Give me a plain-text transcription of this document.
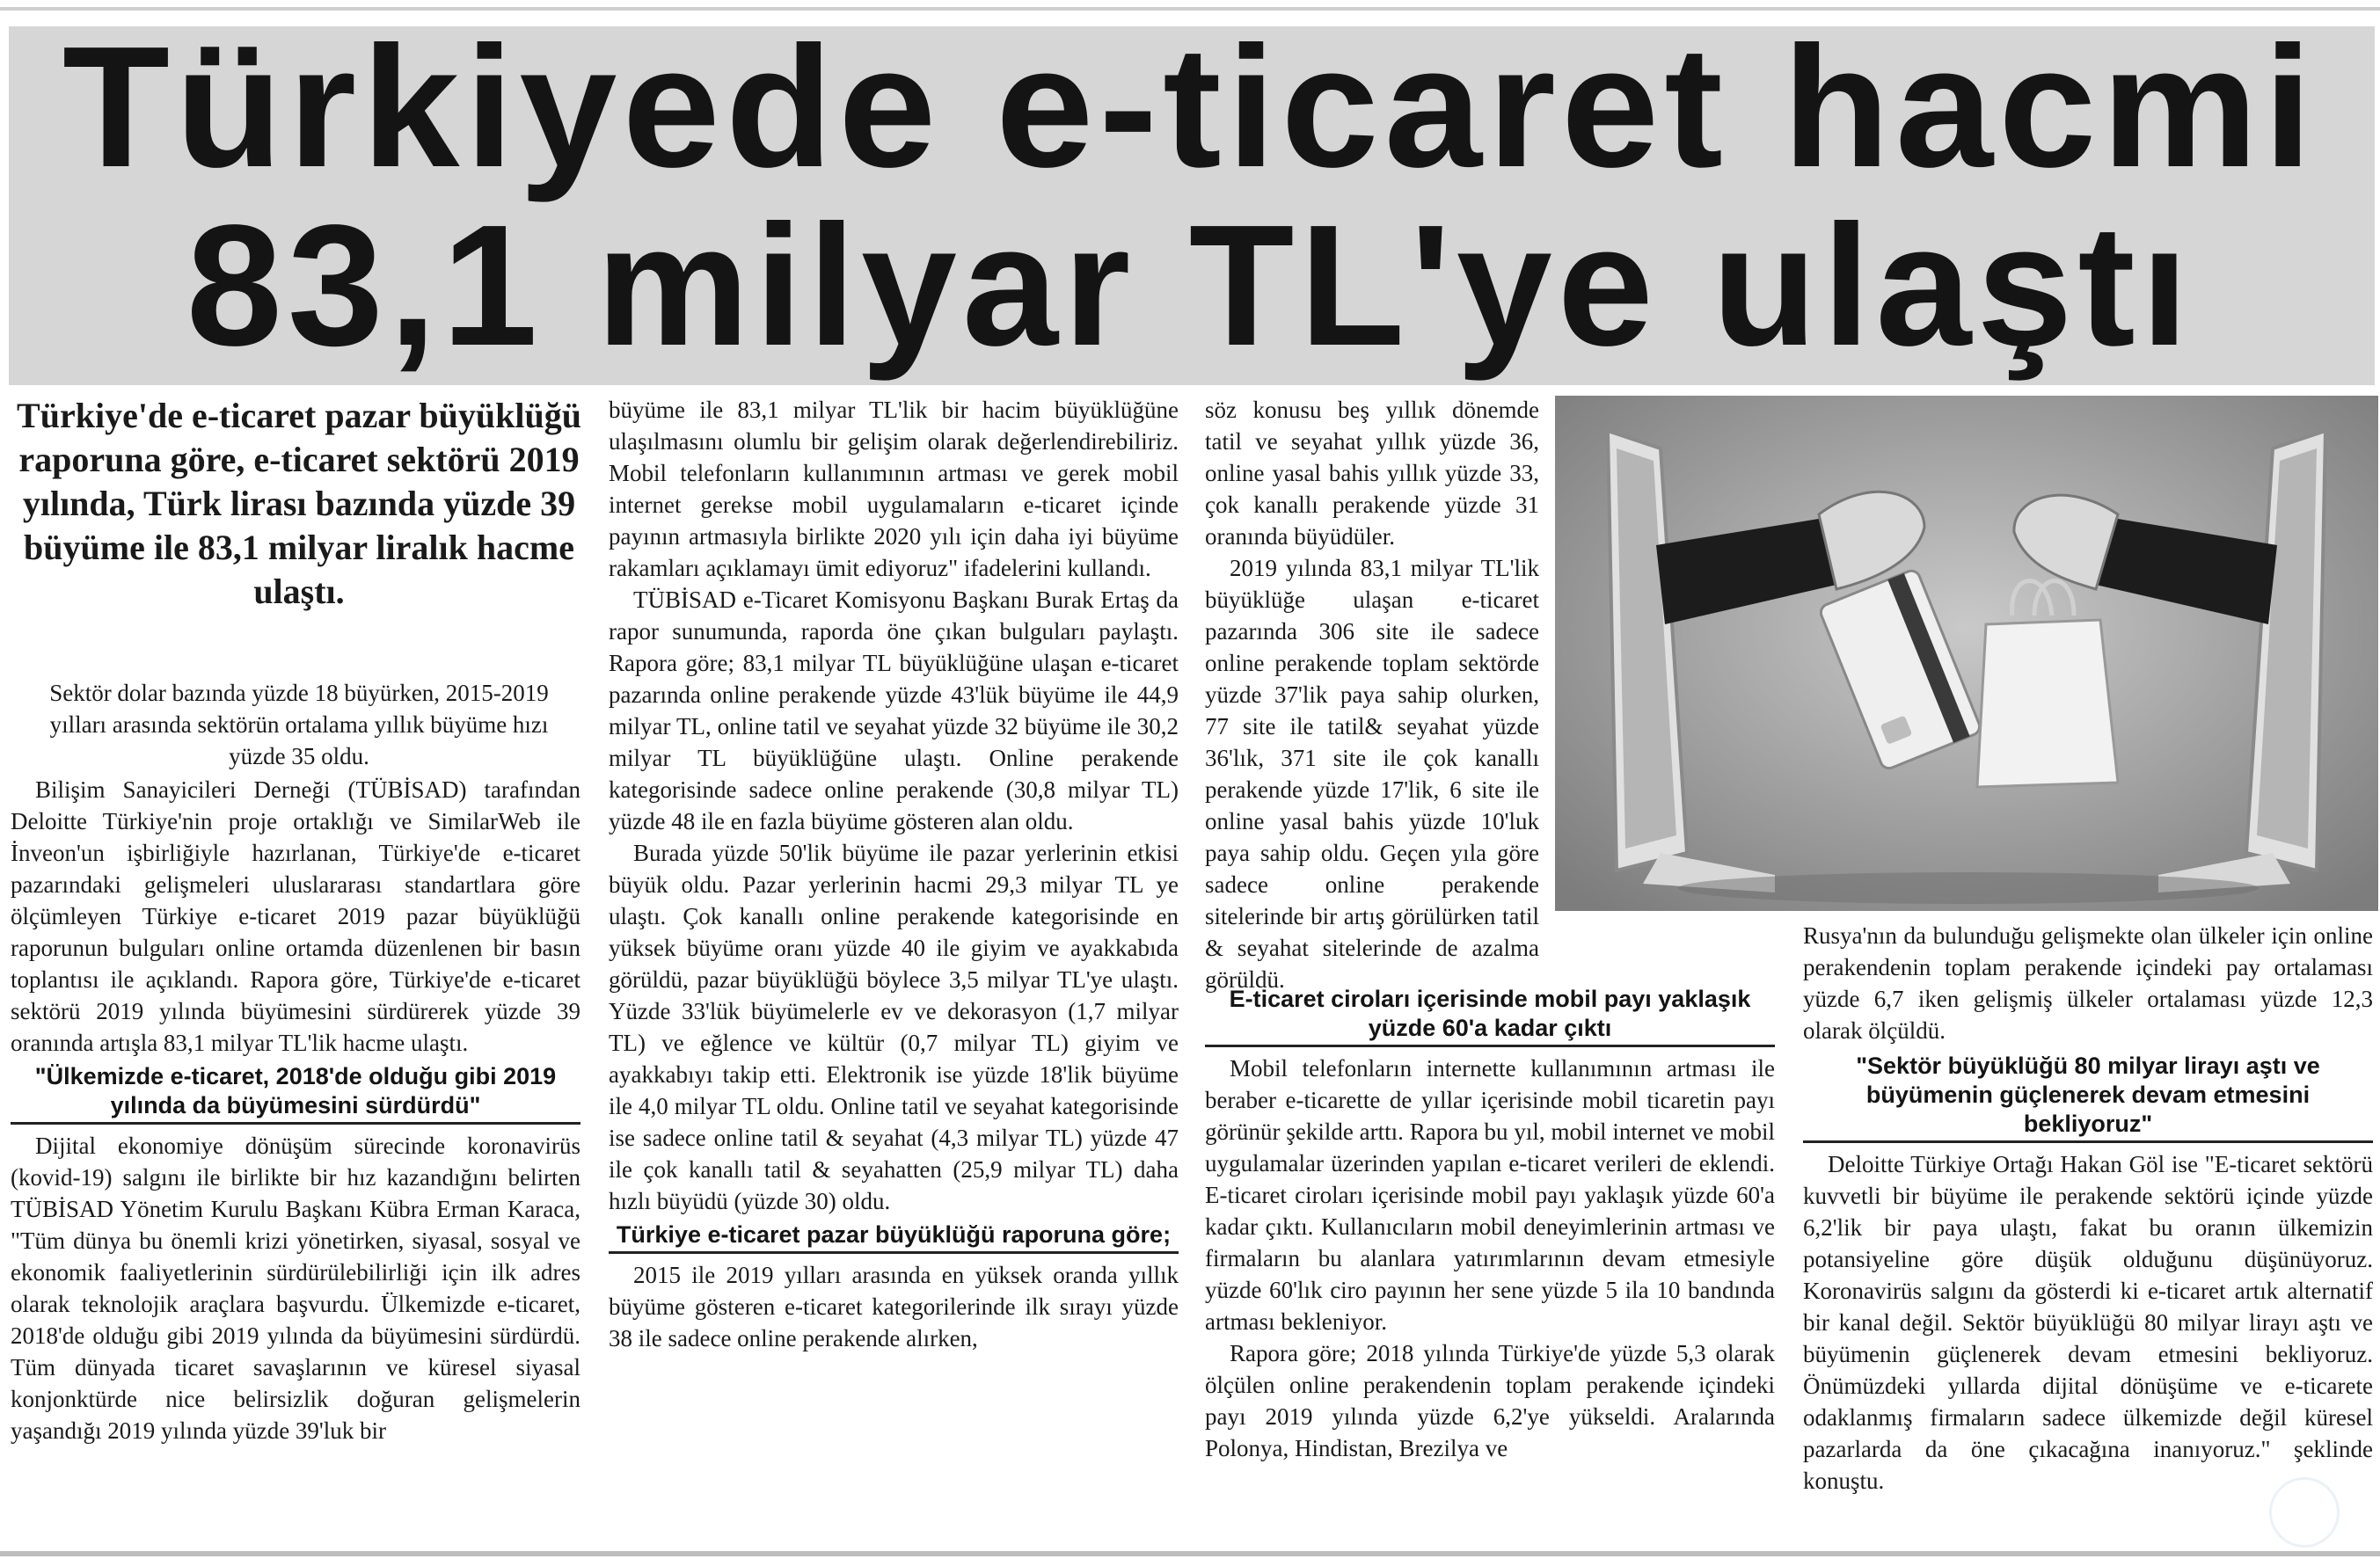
Türkiyede e-ticaret hacmi
83,1 milyar TL'ye ulaştı
Türkiye'de e-ticaret pazar büyüklüğü raporuna göre, e-ticaret sektörü 2019 yılında, Türk lirası bazında yüzde 39 büyüme ile 83,1 milyar liralık hacme ulaştı.
Sektör dolar bazında yüzde 18 büyürken, 2015-2019 yılları arasında sektörün ortalama yıllık büyüme hızı yüzde 35 oldu.

Bilişim Sanayicileri Derneği (TÜBİSAD) tarafından Deloitte Türkiye'nin proje ortaklığı ve SimilarWeb ile İnveon'un işbirliğiyle hazırlanan, Türkiye'de e-ticaret pazarındaki gelişmeleri uluslararası standartlara göre ölçümleyen Türkiye e-ticaret 2019 pazar büyüklüğü raporunun bulguları online ortamda düzenlenen bir basın toplantısı ile açıklandı. Rapora göre, Türkiye'de e-ticaret sektörü 2019 yılında büyümesini sürdürerek yüzde 39 oranında artışla 83,1 milyar TL'lik hacme ulaştı.

"Ülkemizde e-ticaret, 2018'de olduğu gibi 2019 yılında da büyümesini sürdürdü"

Dijital ekonomiye dönüşüm sürecinde koronavirüs (kovid-19) salgını ile birlikte bir hız kazandığını belirten TÜBİSAD Yönetim Kurulu Başkanı Kübra Erman Karaca, "Tüm dünya bu önemli krizi yönetirken, siyasal, sosyal ve ekonomik faaliyetlerinin sürdürülebilirliği için ilk adres olarak teknolojik araçlara başvurdu. Ülkemizde e-ticaret, 2018'de olduğu gibi 2019 yılında da büyümesini sürdürdü. Tüm dünyada ticaret savaşlarının ve küresel siyasal konjonktürde nice belirsizlik doğuran gelişmelerin yaşandığı 2019 yılında yüzde 39'luk bir

büyüme ile 83,1 milyar TL'lik bir hacim büyüklüğüne ulaşılmasını olumlu bir gelişim olarak değerlendirebiliriz. Mobil telefonların kullanımının artması ve gerek mobil internet gerekse mobil uygulamaların e-ticaret içinde payının artmasıyla birlikte 2020 yılı için daha iyi büyüme rakamları açıklamayı ümit ediyoruz" ifadelerini kullandı.

TÜBİSAD e-Ticaret Komisyonu Başkanı Burak Ertaş da rapor sunumunda, raporda öne çıkan bulguları paylaştı. Rapora göre; 83,1 milyar TL büyüklüğüne ulaşan e-ticaret pazarında online perakende yüzde 43'lük büyüme ile 44,9 milyar TL, online tatil ve seyahat yüzde 32 büyüme ile 30,2 milyar TL büyüklüğüne ulaştı. Online perakende kategorisinde sadece online perakende (30,8 milyar TL) yüzde 48 ile en fazla büyüme gösteren alan oldu.

Burada yüzde 50'lik büyüme ile pazar yerlerinin etkisi büyük oldu. Pazar yerlerinin hacmi 29,3 milyar TL ye ulaştı. Çok kanallı online perakende kategorisinde en yüksek büyüme oranı yüzde 40 ile giyim ve ayakkabıda görüldü, pazar büyüklüğü böylece 3,5 milyar TL'ye ulaştı. Yüzde 33'lük büyümelerle ev ve dekorasyon (1,7 milyar TL) ve eğlence ve kültür (0,7 milyar TL) giyim ve ayakkabıyı takip etti. Elektronik ise yüzde 18'lik büyüme ile 4,0 milyar TL oldu. Online tatil ve seyahat kategorisinde ise sadece online tatil & seyahat (4,3 milyar TL) yüzde 47 ile çok kanallı tatil & seyahatten (25,9 milyar TL) daha hızlı büyüdü (yüzde 30) oldu.

Türkiye e-ticaret pazar büyüklüğü raporuna göre;

2015 ile 2019 yılları arasında en yüksek oranda yıllık büyüme gösteren e-ticaret kategorilerinde ilk sırayı yüzde 38 ile sadece online perakende alırken,

söz konusu beş yıllık dönemde tatil ve seyahat yıllık yüzde 36, online yasal bahis yıllık yüzde 33, çok kanallı perakende yüzde 31 oranında büyüdüler.

2019 yılında 83,1 milyar TL'lik büyüklüğe ulaşan e-ticaret pazarında 306 site ile sadece online perakende toplam sektörde yüzde 37'lik paya sahip olurken, 77 site ile tatil& seyahat yüzde 36'lık, 371 site ile çok kanallı perakende yüzde 17'lik, 6 site ile online yasal bahis yüzde 10'luk paya sahip oldu. Geçen yıla göre sadece online perakende sitelerinde bir artış görülürken tatil & seyahat sitelerinde de azalma görüldü.

E-ticaret ciroları içerisinde mobil payı yaklaşık yüzde 60'a kadar çıktı

Mobil telefonların internette kullanımının artması ile beraber e-ticarette de yıllar içerisinde mobil ticaretin payı görünür şekilde arttı. Rapora bu yıl, mobil internet ve mobil uygulamalar üzerinden yapılan e-ticaret verileri de eklendi. E-ticaret ciroları içerisinde mobil payı yaklaşık yüzde 60'a kadar çıktı. Kullanıcıların mobil deneyimlerinin artması ve firmaların bu alanlara yatırımlarının devam etmesiyle yüzde 60'lık ciro payının her sene yüzde 5 ila 10 bandında artması bekleniyor.

Rapora göre; 2018 yılında Türkiye'de yüzde 5,3 olarak ölçülen online perakendenin toplam perakende içindeki payı 2019 yılında yüzde 6,2'ye yükseldi. Aralarında Polonya, Hindistan, Brezilya ve

Rusya'nın da bulunduğu gelişmekte olan ülkeler için online perakendenin toplam perakende içindeki pay ortalaması yüzde 6,7 iken gelişmiş ülkeler ortalaması yüzde 12,3 olarak ölçüldü.

"Sektör büyüklüğü 80 milyar lirayı aştı ve büyümenin güçlenerek devam etmesini bekliyoruz"

Deloitte Türkiye Ortağı Hakan Göl ise "E-ticaret sektörü kuvvetli bir büyüme ile perakende sektörü içinde yüzde 6,2'lik bir paya ulaştı, fakat bu oranın ülkemizin potansiyeline göre düşük olduğunu düşünüyoruz. Koronavirüs salgını da gösterdi ki e-ticaret artık alternatif bir kanal değil. Sektör büyüklüğü 80 milyar lirayı aştı ve büyümenin güçlenerek devam etmesini bekliyoruz. Önümüzdeki yıllarda dijital dönüşüme ve e-ticarete odaklanmış firmaların sadece ülkemizde değil küresel pazarlarda da öne çıkacağına inanıyoruz." şeklinde konuştu.
